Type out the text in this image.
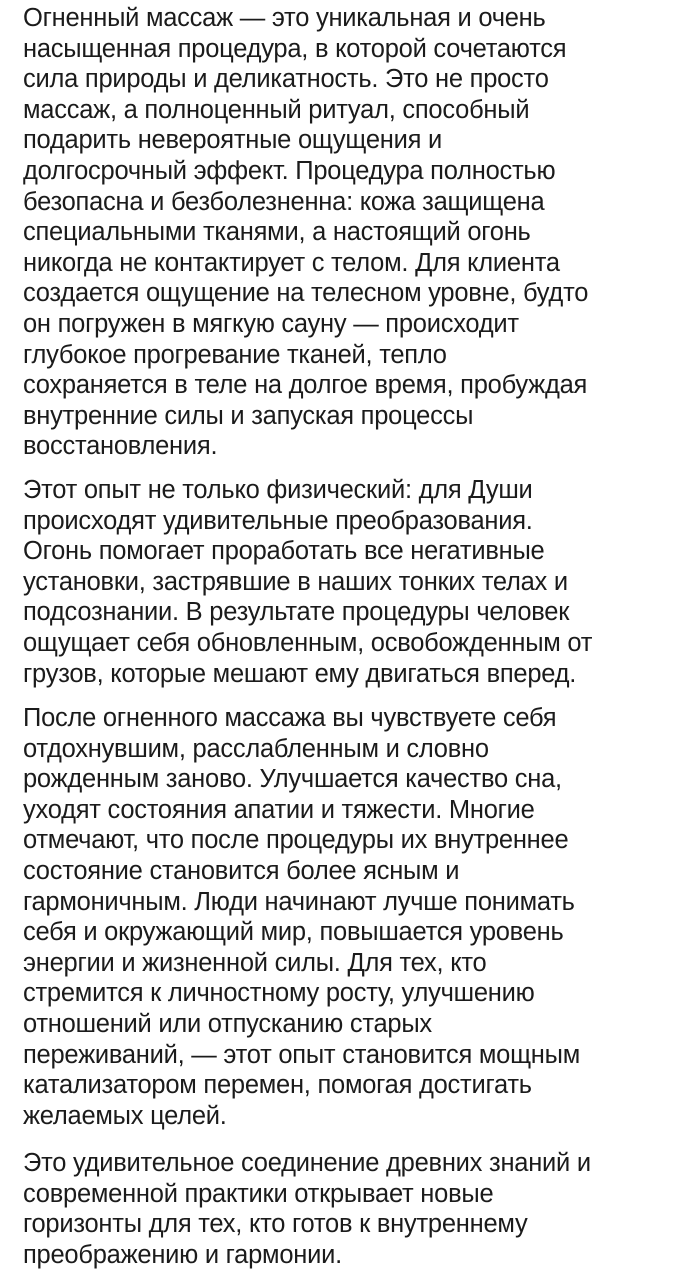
Огненный массаж — это уникальная и очень
насыщенная процедура, в которой сочетаются
сила природы и деликатность. Это не просто
массаж, а полноценный ритуал, способный
подарить невероятные ощущения и
долгосрочный эффект. Процедура полностью
безопасна и безболезненна: кожа защищена
специальными тканями, а настоящий огонь
никогда не контактирует с телом. Для клиента
создается ощущение на телесном уровне, будто
он погружен в мягкую сауну — происходит
глубокое прогревание тканей, тепло
сохраняется в теле на долгое время, пробуждая
внутренние силы и запуская процессы
восстановления.
Этот опыт не только физический: для Души
происходят удивительные преобразования.
Огонь помогает проработать все негативные
установки, застрявшие в наших тонких телах и
подсознании. В результате процедуры человек
ощущает себя обновленным, освобожденным от
грузов, которые мешают ему двигаться вперед.
После огненного массажа вы чувствуете себя
отдохнувшим, расслабленным и словно
рожденным заново. Улучшается качество сна,
уходят состояния апатии и тяжести. Многие
отмечают, что после процедуры их внутреннее
состояние становится более ясным и
гармоничным. Люди начинают лучше понимать
себя и окружающий мир, повышается уровень
энергии и жизненной силы. Для тех, кто
стремится к личностному росту, улучшению
отношений или отпусканию старых
переживаний, — этот опыт становится мощным
катализатором перемен, помогая достигать
желаемых целей.
Это удивительное соединение древних знаний и
современной практики открывает новые
горизонты для тех, кто готов к внутреннему
преображению и гармонии.
